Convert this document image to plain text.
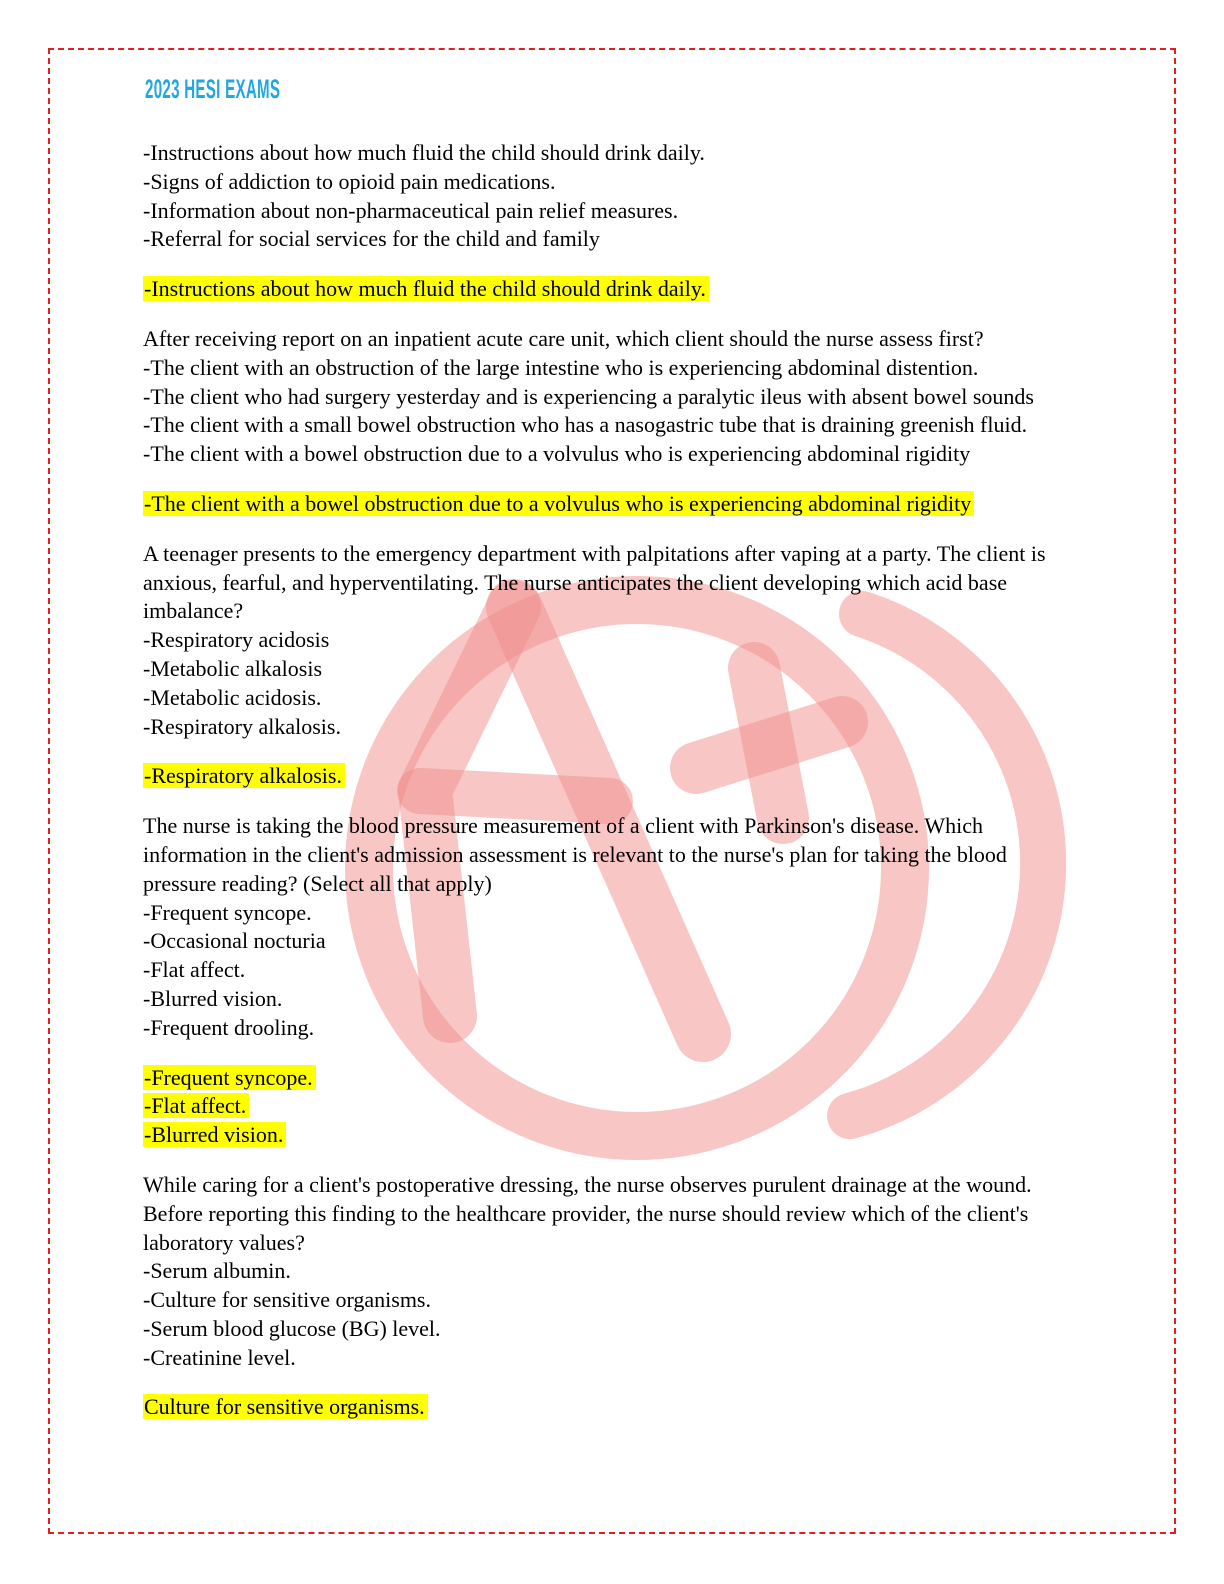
2023 HESI EXAMS
-Instructions about how much fluid the child should drink daily.
-Signs of addiction to opioid pain medications.
-Information about non-pharmaceutical pain relief measures.
-Referral for social services for the child and family
-Instructions about how much fluid the child should drink daily.
After receiving report on an inpatient acute care unit, which client should the nurse assess first?
-The client with an obstruction of the large intestine who is experiencing abdominal distention.
-The client who had surgery yesterday and is experiencing a paralytic ileus with absent bowel sounds
-The client with a small bowel obstruction who has a nasogastric tube that is draining greenish fluid.
-The client with a bowel obstruction due to a volvulus who is experiencing abdominal rigidity
-The client with a bowel obstruction due to a volvulus who is experiencing abdominal rigidity
A teenager presents to the emergency department with palpitations after vaping at a party. The client is
anxious, fearful, and hyperventilating. The nurse anticipates the client developing which acid base
imbalance?
-Respiratory acidosis
-Metabolic alkalosis
-Metabolic acidosis.
-Respiratory alkalosis.
-Respiratory alkalosis.
The nurse is taking the blood pressure measurement of a client with Parkinson's disease. Which
information in the client's admission assessment is relevant to the nurse's plan for taking the blood
pressure reading? (Select all that apply)
-Frequent syncope.
-Occasional nocturia
-Flat affect.
-Blurred vision.
-Frequent drooling.
-Frequent syncope.
-Flat affect.
-Blurred vision.
While caring for a client's postoperative dressing, the nurse observes purulent drainage at the wound.
Before reporting this finding to the healthcare provider, the nurse should review which of the client's
laboratory values?
-Serum albumin.
-Culture for sensitive organisms.
-Serum blood glucose (BG) level.
-Creatinine level.
Culture for sensitive organisms.
